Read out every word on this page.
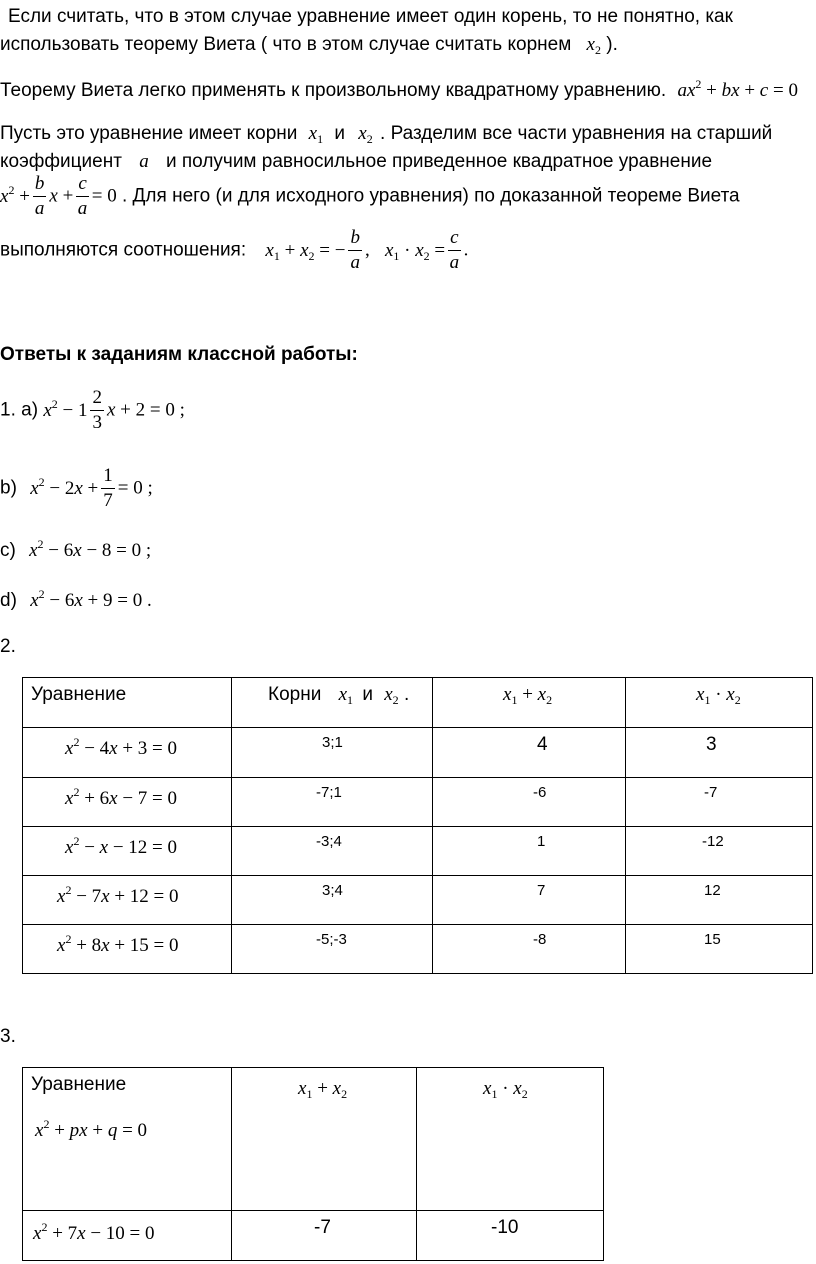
Если считать, что в этом случае уравнение имеет один корень, то не понятно, как
использовать теорему Виета ( что в этом случае считать корнем $x_2$ ).
Теорему Виета легко применять к произвольному квадратному уравнению. $ax^2$ + bx + c = 0
Пусть это уравнение имеет корни $x_1$ и $x_2$ . Разделим все части уравнения на старший
коэффициент a и получим равносильное приведенное квадратное уравнение
$x^2 + \frac{b}{a}$ $x + \frac{c}{a} = 0$ . Для него (и для исходного уравнения) по доказанной теореме Виета
выполняются соотношения: $x_1 + x_2$ = − $\frac{b}{a}$ , $x_1 \cdot x_2 = \frac{c}{a}$ .
Ответы к заданиям классной работы:
1. а) $x^2 - 1 \frac{2}{3}$ x + 2 = 0 ;
b) $x^2 - 2x + \frac{1}{7} = 0$ ;
c) $x^2 - 6x - 8 = 0$ ;
d) $x^2 - 6x + 9 = 0$ .
2.
Уравнение	Корни $x_1$ и $x_2$ .	$x_1 + x_2$	$x_1 \cdot x_2$

$x^2 - 4x + 3 = 0$	3;1	4	3

$x^2 + 6x - 7 = 0$	-7;1	-6	-7

$x^2 - x - 12 = 0$	-3;4	1	-12

$x^2 - 7x + 12 = 0$	3;4	7	12

$x^2 + 8x + 15 = 0$	-5;-3	-8	15
3.
Уравнение
$x^2$ + px + q = 0	$x_1 + x_2$	$x_1 \cdot x_2$

$x^2 + 7x - 10 = 0$	-7	-10
